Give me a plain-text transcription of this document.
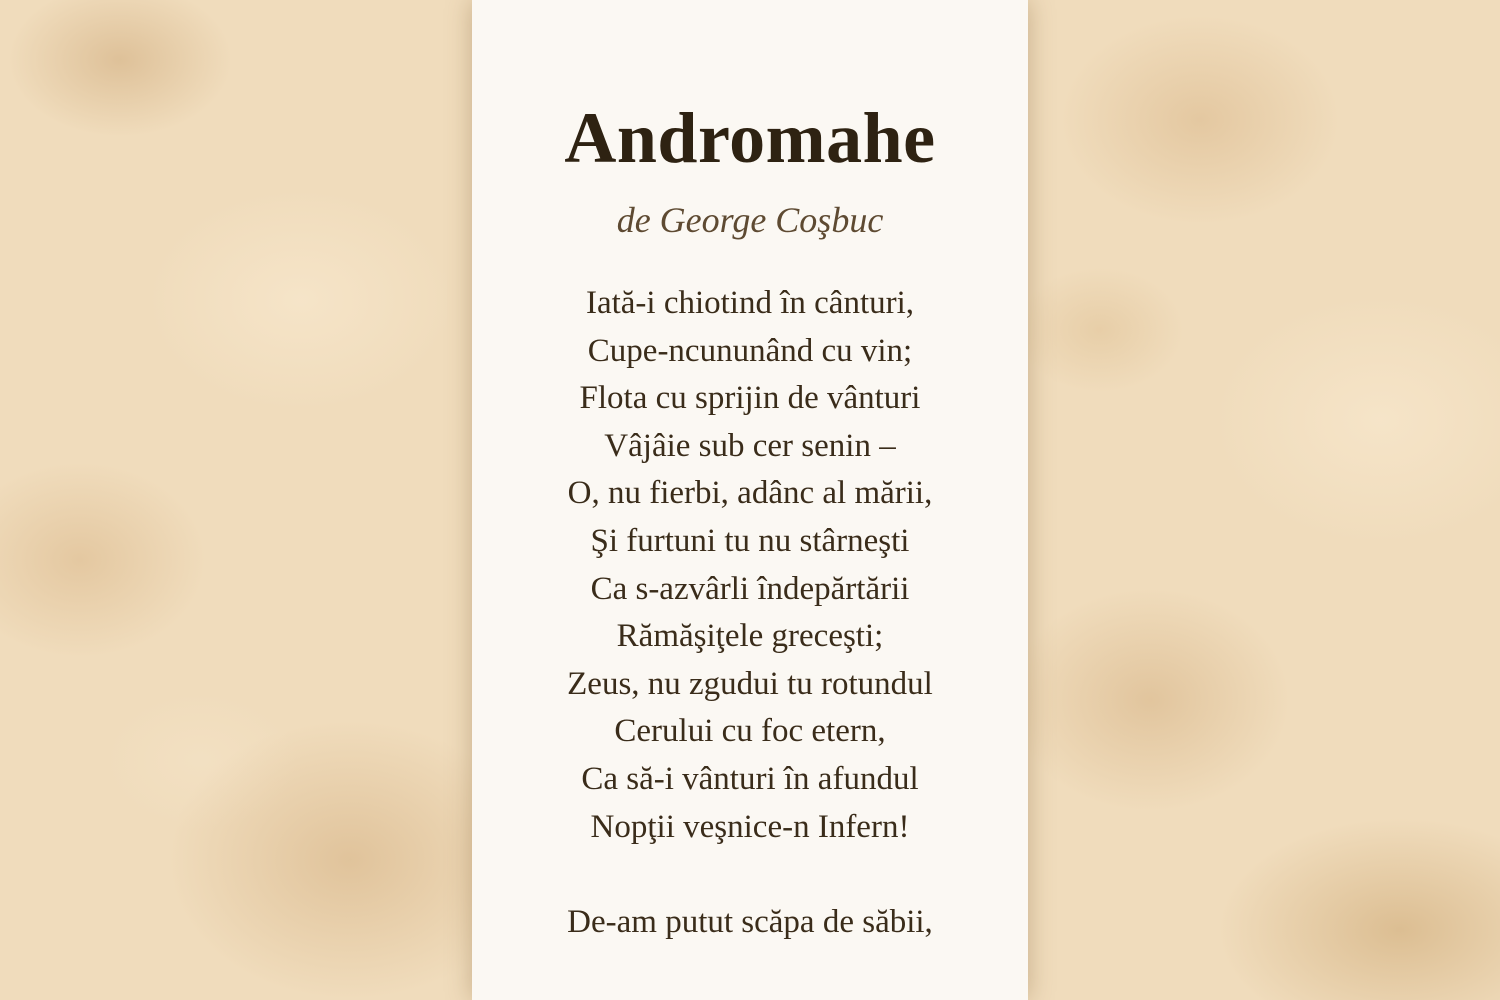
Andromahe

de George Coşbuc

Iată-i chiotind în cânturi,
Cupe-ncununând cu vin;
Flota cu sprijin de vânturi
Vâjâie sub cer senin –
O, nu fierbi, adânc al mării,
Şi furtuni tu nu stârneşti
Ca s-azvârli îndepărtării
Rămăşiţele greceşti;
Zeus, nu zgudui tu rotundul
Cerului cu foc etern,
Ca să-i vânturi în afundul
Nopţii veşnice-n Infern!
De-am putut scăpa de săbii,
